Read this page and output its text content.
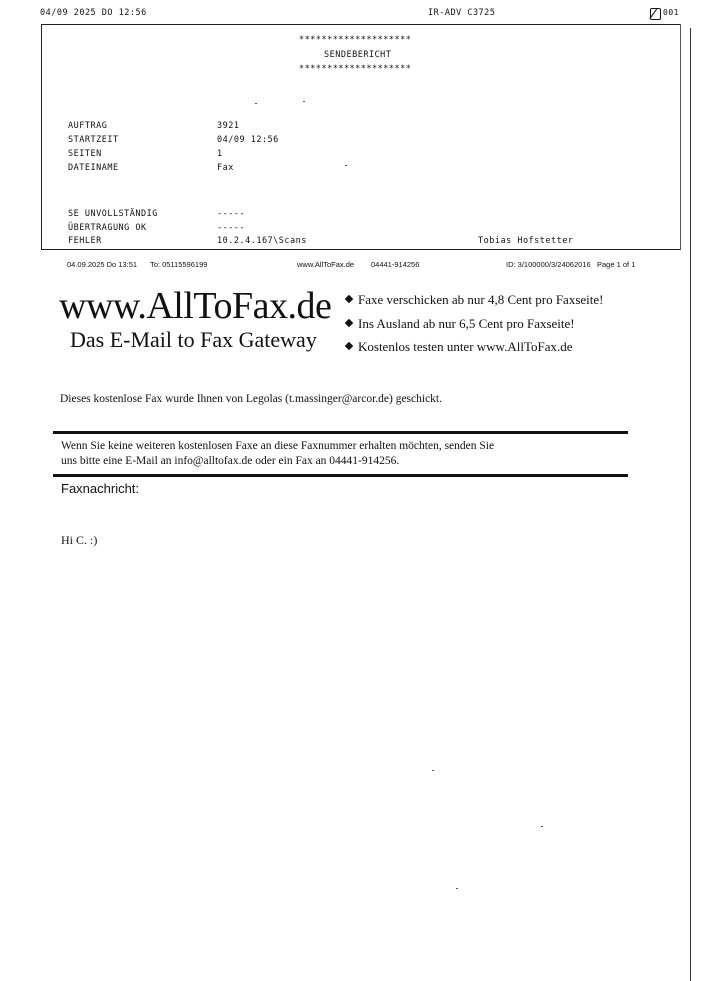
04/09 2025 DO 12:56	IR-ADV C3725	001
********************
SENDEBERICHT
********************
AUFTRAG	3921
STARTZEIT	04/09 12:56
SEITEN	1
DATEINAME	Fax
SE UNVOLLSTÄNDIG	-----
ÜBERTRAGUNG OK	-----
FEHLER	10.2.4.167\Scans	Tobias Hofstetter
04.09.2025 Do 13:51 To: 05115596199	www.AllToFax.de 04441-914256	ID: 3/100000/3/24062016 Page 1 of 1
www.AllToFax.de
Das E-Mail to Fax Gateway
Faxe verschicken ab nur 4,8 Cent pro Faxseite!
Ins Ausland ab nur 6,5 Cent pro Faxseite!
Kostenlos testen unter www.AllToFax.de
Dieses kostenlose Fax wurde Ihnen von Legolas (t.massinger@arcor.de) geschickt.
Wenn Sie keine weiteren kostenlosen Faxe an diese Faxnummer erhalten möchten, senden Sie
uns bitte eine E-Mail an info@alltofax.de oder ein Fax an 04441-914256.
Faxnachricht:
Hi C. :)
